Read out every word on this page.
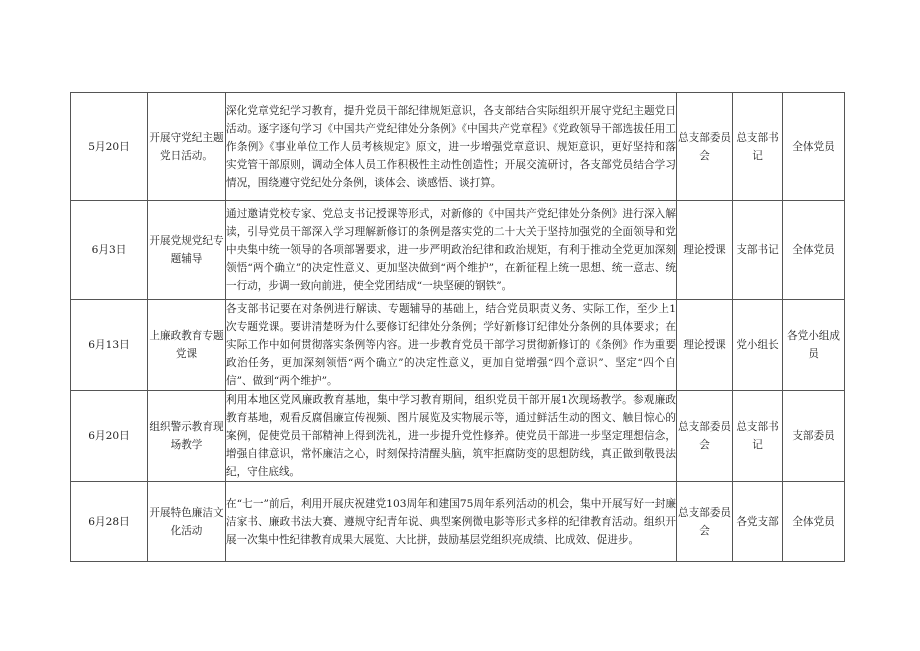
5月20日	开展守党纪主题党日活动。	深化党章党纪学习教育，提升党员干部纪律规矩意识，各支部结合实际组织开展守党纪主题党日活动。逐字逐句学习《中国共产党纪律处分条例》《中国共产党章程》《党政领导干部选拔任用工作条例》《事业单位工作人员考核规定》原文，进一步增强党章意识、规矩意识，更好坚持和落实党管干部原则，调动全体人员工作积极性主动性创造性；开展交流研讨，各支部党员结合学习情况，围绕遵守党纪处分条例，谈体会、谈感悟、谈打算。	总支部委员会	总支部书记	全体党员
6月3日	开展党规党纪专题辅导	通过邀请党校专家、党总支书记授课等形式，对新修的《中国共产党纪律处分条例》进行深入解读，引导党员干部深入学习理解新修订的条例是落实党的二十大关于坚持加强党的全面领导和党中央集中统一领导的各项部署要求，进一步严明政治纪律和政治规矩，有利于推动全党更加深刻领悟“两个确立”的决定性意义、更加坚决做到“两个维护”，在新征程上统一思想、统一意志、统一行动，步调一致向前进，使全党团结成“一块坚硬的钢铁”。	理论授课	支部书记	全体党员
6月13日	上廉政教育专题党课	各支部书记要在对条例进行解读、专题辅导的基础上，结合党员职责义务、实际工作，至少上1次专题党课。要讲清楚呀为什么要修订纪律处分条例；学好新修订纪律处分条例的具体要求；在实际工作中如何贯彻落实条例等内容。进一步教育党员干部学习贯彻新修订的《条例》作为重要政治任务，更加深刻领悟“两个确立”的决定性意义，更加自觉增强“四个意识”、坚定“四个自信”、做到“两个维护”。	理论授课	党小组长	各党小组成员
6月20日	组织警示教育现场教学	利用本地区党风廉政教育基地，集中学习教育期间，组织党员干部开展1次现场教学。参观廉政教育基地，观看反腐倡廉宣传视频、图片展览及实物展示等，通过鲜活生动的图文、触目惊心的案例，促使党员干部精神上得到洗礼，进一步提升党性修养。使党员干部进一步坚定理想信念，增强自律意识，常怀廉洁之心，时刻保持清醒头脑，筑牢拒腐防变的思想防线，真正做到敬畏法纪，守住底线。	总支部委员会	总支部书记	支部委员
6月28日	开展特色廉洁文化活动	在“七一”前后，利用开展庆祝建党103周年和建国75周年系列活动的机会，集中开展写好一封廉洁家书、廉政书法大赛、遵规守纪青年说、典型案例微电影等形式多样的纪律教育活动。组织开展一次集中性纪律教育成果大展览、大比拼，鼓励基层党组织亮成绩、比成效、促进步。	总支部委员会	各党支部	全体党员
